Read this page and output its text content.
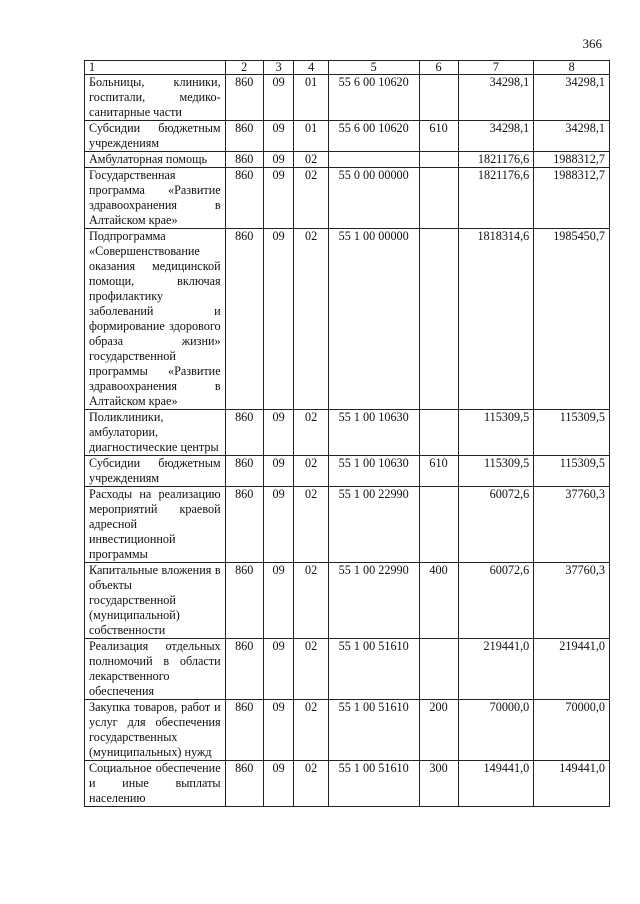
366
1	2	3	4	5	6	7	8
Больницы, клиники, госпитали, медико-санитарные части	860	09	01	55 6 00 10620		34298,1	34298,1
Субсидии бюджетным учреждениям	860	09	01	55 6 00 10620	610	34298,1	34298,1
Амбулаторная помощь	860	09	02			1821176,6	1988312,7
Государственная программа «Развитие здравоохранения в Алтайском крае»	860	09	02	55 0 00 00000		1821176,6	1988312,7
Подпрограмма «Совершенствование оказания медицинской помощи, включая профилактику заболеваний и формирование здорового образа жизни» государственной программы «Развитие здравоохранения в Алтайском крае»	860	09	02	55 1 00 00000		1818314,6	1985450,7
Поликлиники, амбулатории, диагностические центры	860	09	02	55 1 00 10630		115309,5	115309,5
Субсидии бюджетным учреждениям	860	09	02	55 1 00 10630	610	115309,5	115309,5
Расходы на реализацию мероприятий краевой адресной инвестиционной программы	860	09	02	55 1 00 22990		60072,6	37760,3
Капитальные вложения в объекты государственной (муниципальной) собственности	860	09	02	55 1 00 22990	400	60072,6	37760,3
Реализация отдельных полномочий в области лекарственного обеспечения	860	09	02	55 1 00 51610		219441,0	219441,0
Закупка товаров, работ и услуг для обеспечения государственных (муниципальных) нужд	860	09	02	55 1 00 51610	200	70000,0	70000,0
Социальное обеспечение и иные выплаты населению	860	09	02	55 1 00 51610	300	149441,0	149441,0
